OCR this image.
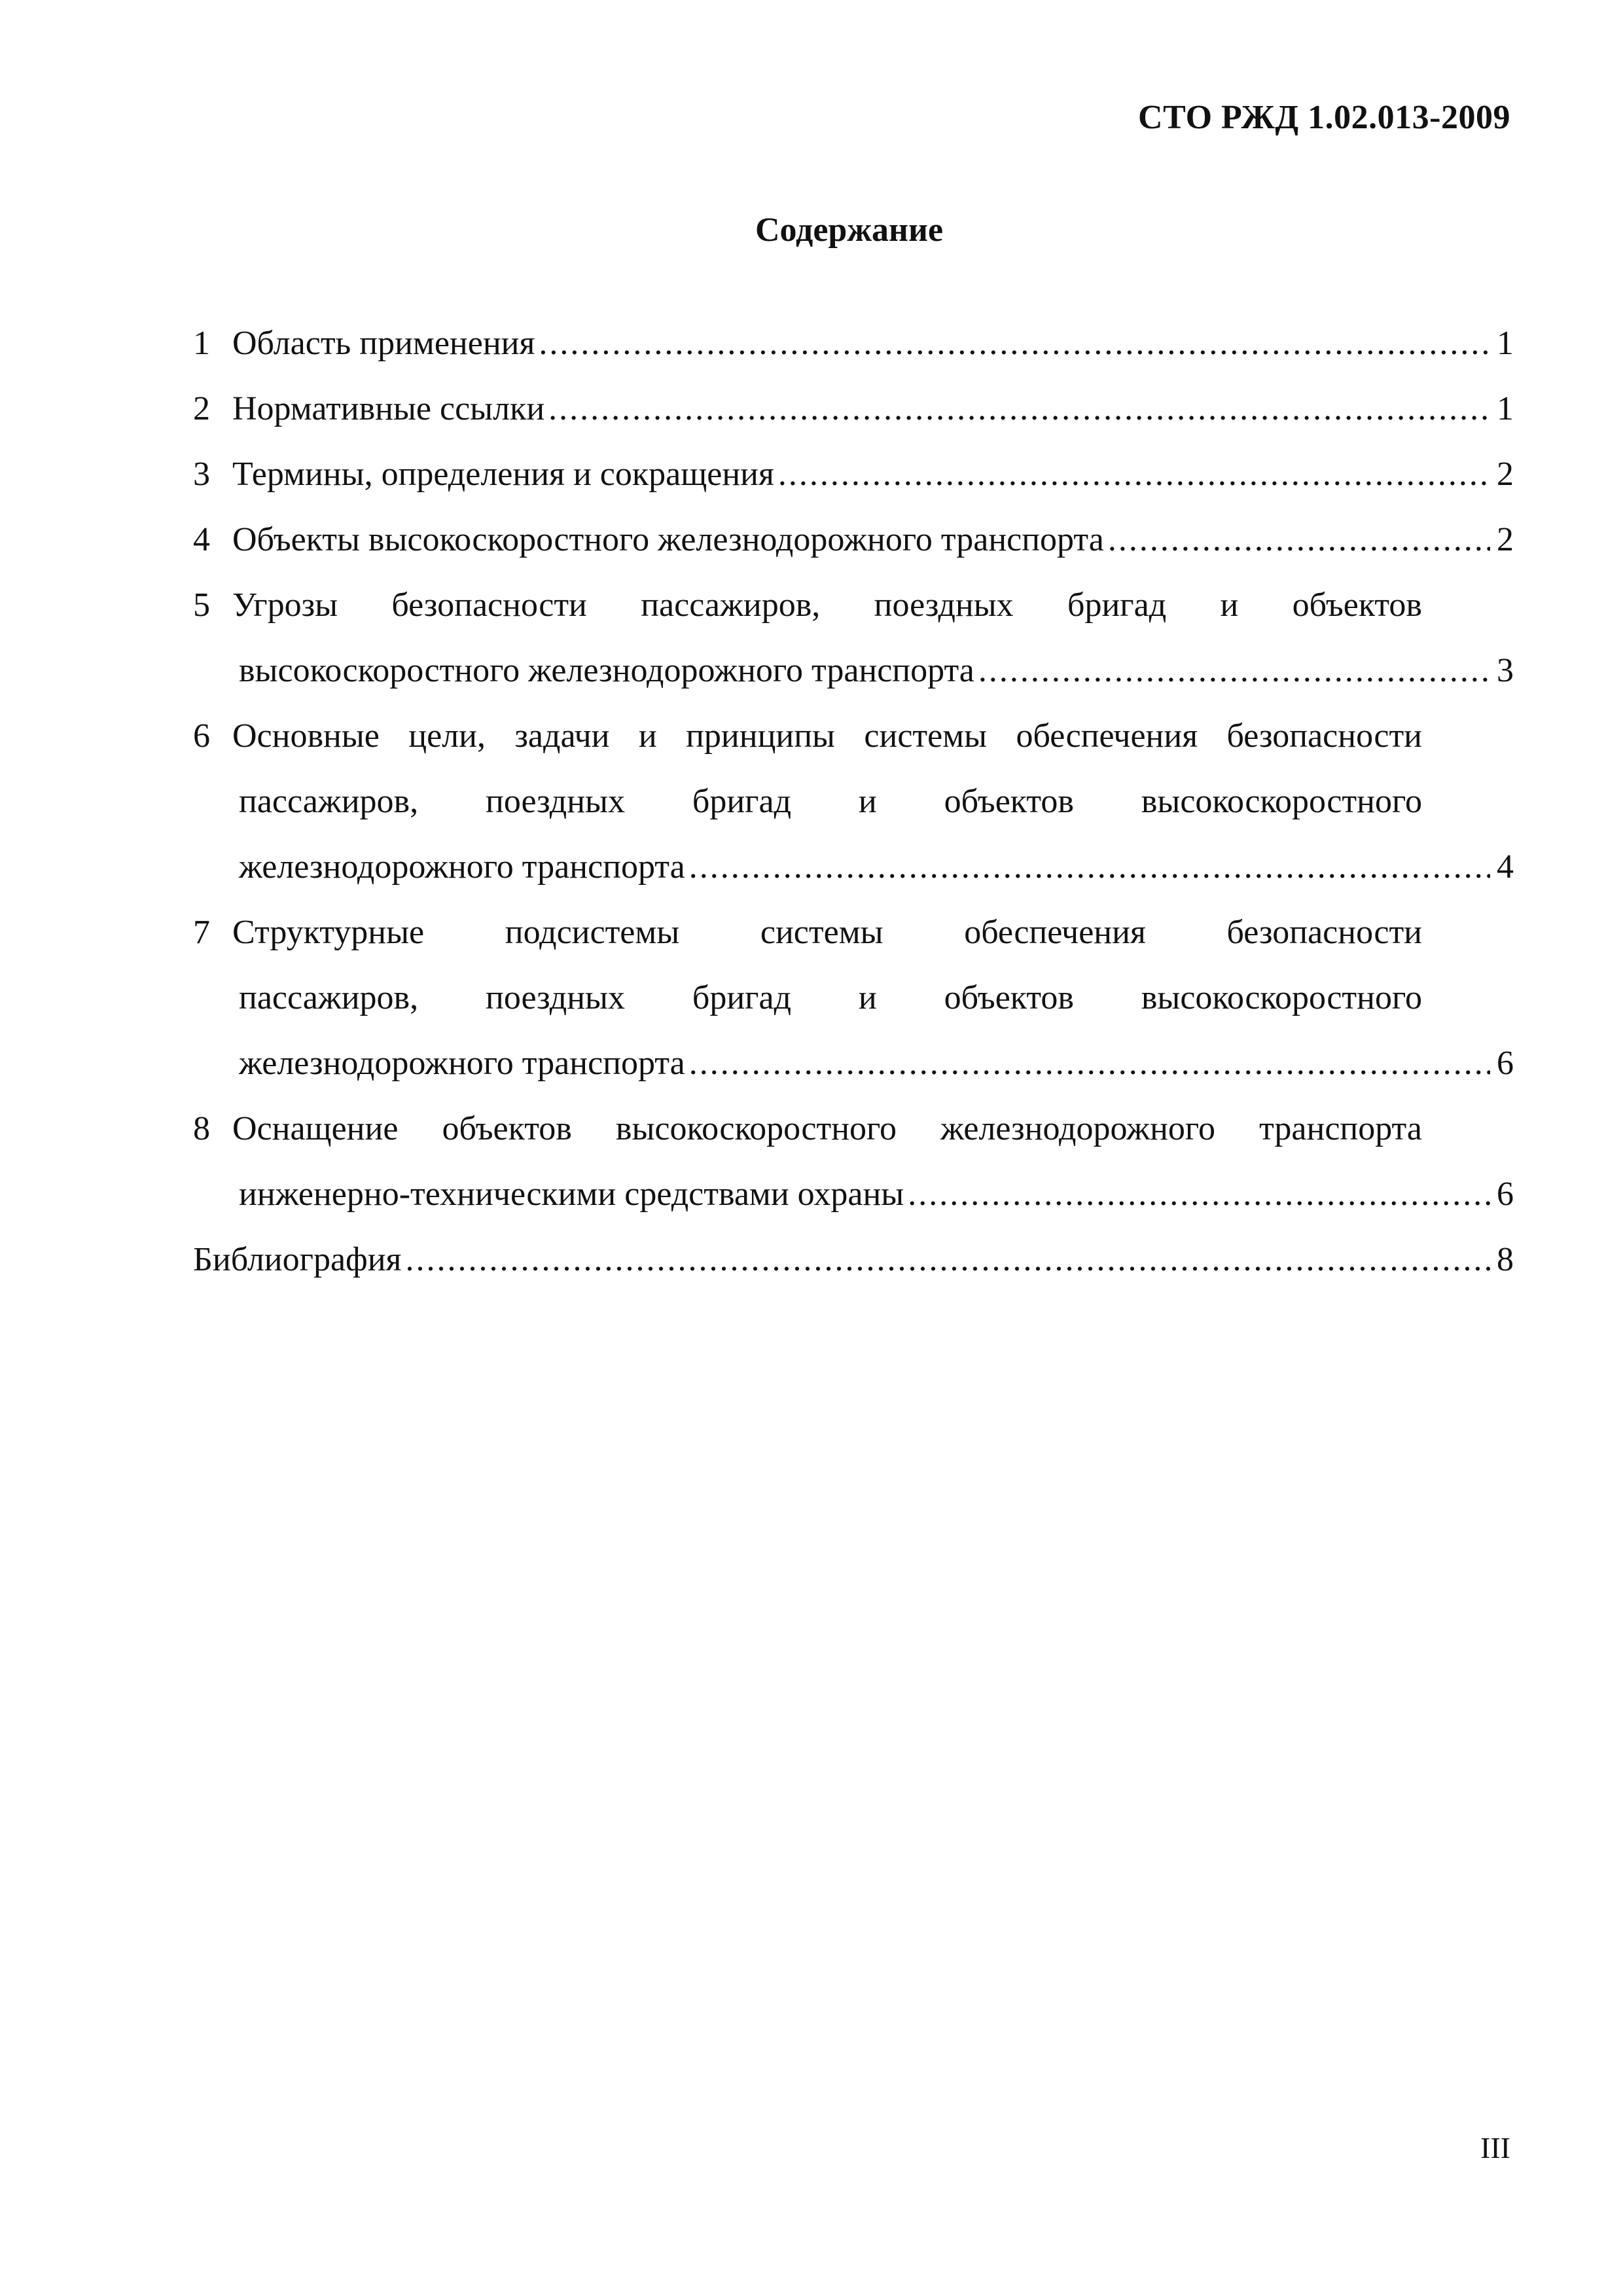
СТО РЖД 1.02.013-2009
Содержание
1 Область применения .....	1
2 Нормативные ссылки .....	1
3 Термины, определения и сокращения .....	2
4 Объекты высокоскоростного железнодорожного транспорта .....	2
5 Угрозы безопасности пассажиров, поездных бригад и объектов
высокоскоростного железнодорожного транспорта .....	3
6 Основные цели, задачи и принципы системы обеспечения безопасности
пассажиров, поездных бригад и объектов высокоскоростного
железнодорожного транспорта .....	4
7 Структурные подсистемы системы обеспечения безопасности
пассажиров, поездных бригад и объектов высокоскоростного
железнодорожного транспорта .....	6
8 Оснащение объектов высокоскоростного железнодорожного транспорта
инженерно-техническими средствами охраны .....	6
Библиография .....	8
III
